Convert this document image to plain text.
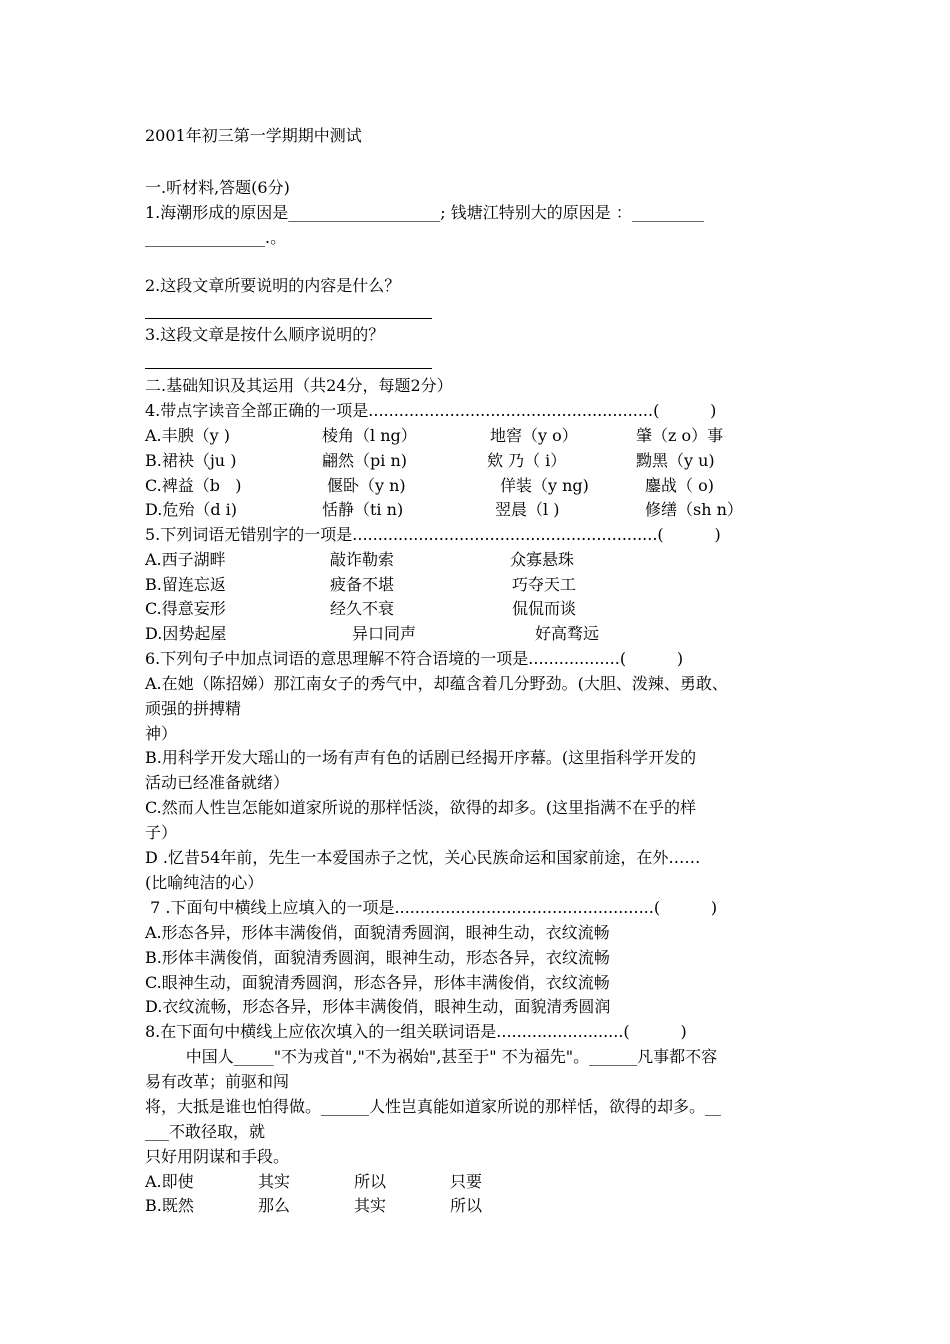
2001年初三第一学期期中测试
一.听材料,答题(6分)
1.海潮形成的原因是___________________; 钱塘江特别大的原因是 ：_________
_______________.。
2.这段文章所要说明的内容是什么？
3.这段文章是按什么顺序说明的？
二.基础知识及其运用（共24分，每题2分）
4.带点字读音全部正确的一项是........................................................(          )
A.丰腴（y )	棱角（l ng）	地窖（y o）	肇（z o）事
B.裙袂（ju )	翩然（pi n)	欸 乃（ i）	黝黑（y u)
C.裨益（b   )	偃卧（y n)	佯装（y ng)	鏖战（ o)
D.危殆（d i)	恬静（ti n)	翌晨（l )	修缮（sh n）
5.下列词语无错别字的一项是............................................................(          )
A.西子湖畔	敲诈勒索	众寡悬珠
B.留连忘返	疲备不堪	巧夺天工
C.得意妄形	经久不衰	侃侃而谈
D.因势起屋	异口同声	好高骛远
6.下列句子中加点词语的意思理解不符合语境的一项是..................(          )
A.在她（陈招娣）那江南女子的秀气中，却蕴含着几分野劲。(大胆、泼辣、勇敢、
顽强的拼搏精
神）
B.用科学开发大瑶山的一场有声有色的话剧已经揭开序幕。(这里指科学开发的
活动已经准备就绪）
C.然而人性岂怎能如道家所说的那样恬淡，欲得的却多。(这里指满不在乎的样
子）
D .忆昔54年前，先生一本爱国赤子之忱，关心民族命运和国家前途，在外……
(比喻纯洁的心）
7 .下面句中横线上应填入的一项是...................................................(          )
A.形态各异，形体丰满俊俏，面貌清秀圆润，眼神生动，衣纹流畅
B.形体丰满俊俏，面貌清秀圆润，眼神生动，形态各异，衣纹流畅
C.眼神生动，面貌清秀圆润，形态各异，形体丰满俊俏，衣纹流畅
D.衣纹流畅，形态各异，形体丰满俊俏，眼神生动，面貌清秀圆润
8.在下面句中横线上应依次填入的一组关联词语是.........................(          )
中国人_____"不为戎首","不为祸始",甚至于" 不为福先"。______凡事都不容
易有改革；前驱和闯
将，大抵是谁也怕得做。______人性岂真能如道家所说的那样恬，欲得的却多。__
___不敢径取，就
只好用阴谋和手段。
A.即使	其实	所以	只要
B.既然	那么	其实	所以
